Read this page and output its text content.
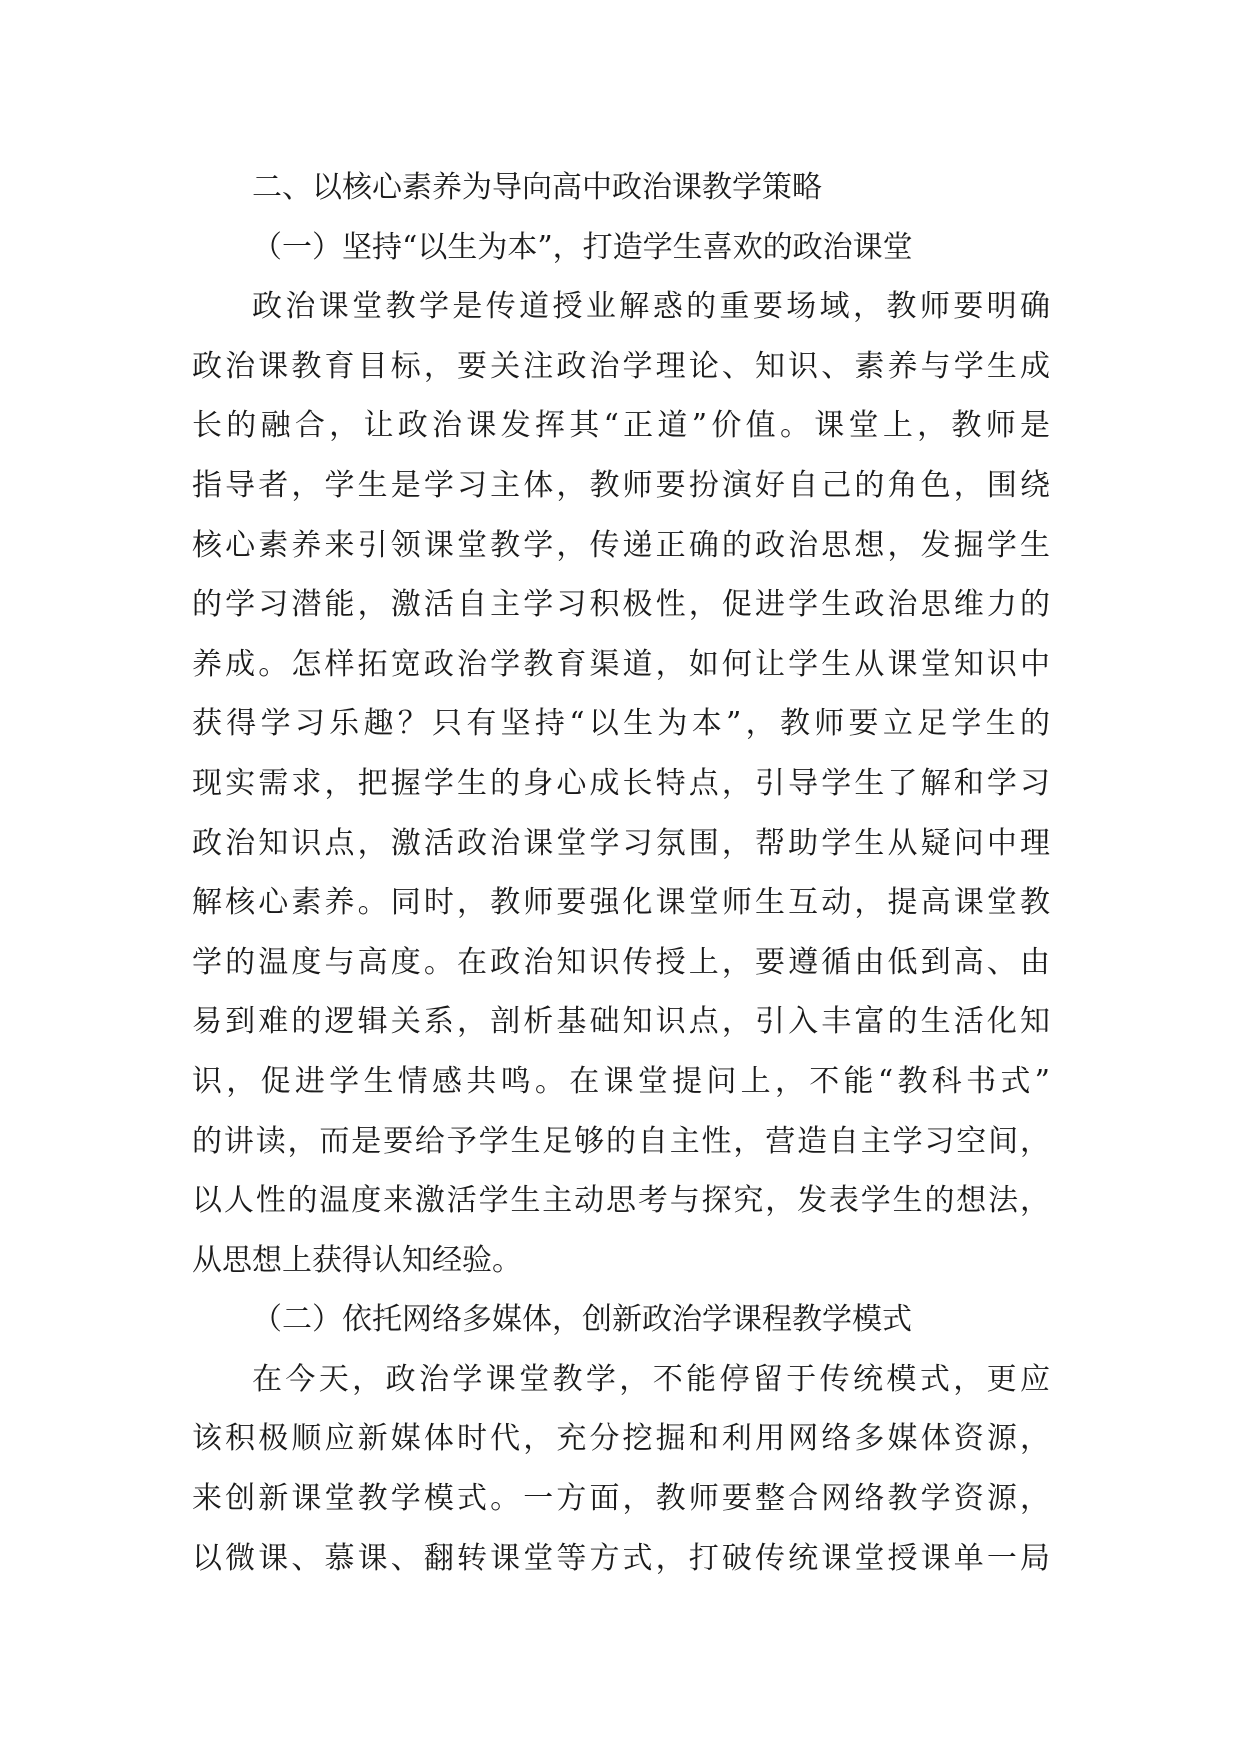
二、以核心素养为导向高中政治课教学策略
（一）坚持“以生为本”，打造学生喜欢的政治课堂
政治课堂教学是传道授业解惑的重要场域，教师要明确
政治课教育目标，要关注政治学理论、知识、素养与学生成
长的融合，让政治课发挥其“正道”价值。课堂上，教师是
指导者，学生是学习主体，教师要扮演好自己的角色，围绕
核心素养来引领课堂教学，传递正确的政治思想，发掘学生
的学习潜能，激活自主学习积极性，促进学生政治思维力的
养成。怎样拓宽政治学教育渠道，如何让学生从课堂知识中
获得学习乐趣？只有坚持“以生为本”，教师要立足学生的
现实需求，把握学生的身心成长特点，引导学生了解和学习
政治知识点，激活政治课堂学习氛围，帮助学生从疑问中理
解核心素养。同时，教师要强化课堂师生互动，提高课堂教
学的温度与高度。在政治知识传授上，要遵循由低到高、由
易到难的逻辑关系，剖析基础知识点，引入丰富的生活化知
识，促进学生情感共鸣。在课堂提问上，不能“教科书式”
的讲读，而是要给予学生足够的自主性，营造自主学习空间，
以人性的温度来激活学生主动思考与探究，发表学生的想法，
从思想上获得认知经验。
（二）依托网络多媒体，创新政治学课程教学模式
在今天，政治学课堂教学，不能停留于传统模式，更应
该积极顺应新媒体时代，充分挖掘和利用网络多媒体资源，
来创新课堂教学模式。一方面，教师要整合网络教学资源，
以微课、慕课、翻转课堂等方式，打破传统课堂授课单一局
